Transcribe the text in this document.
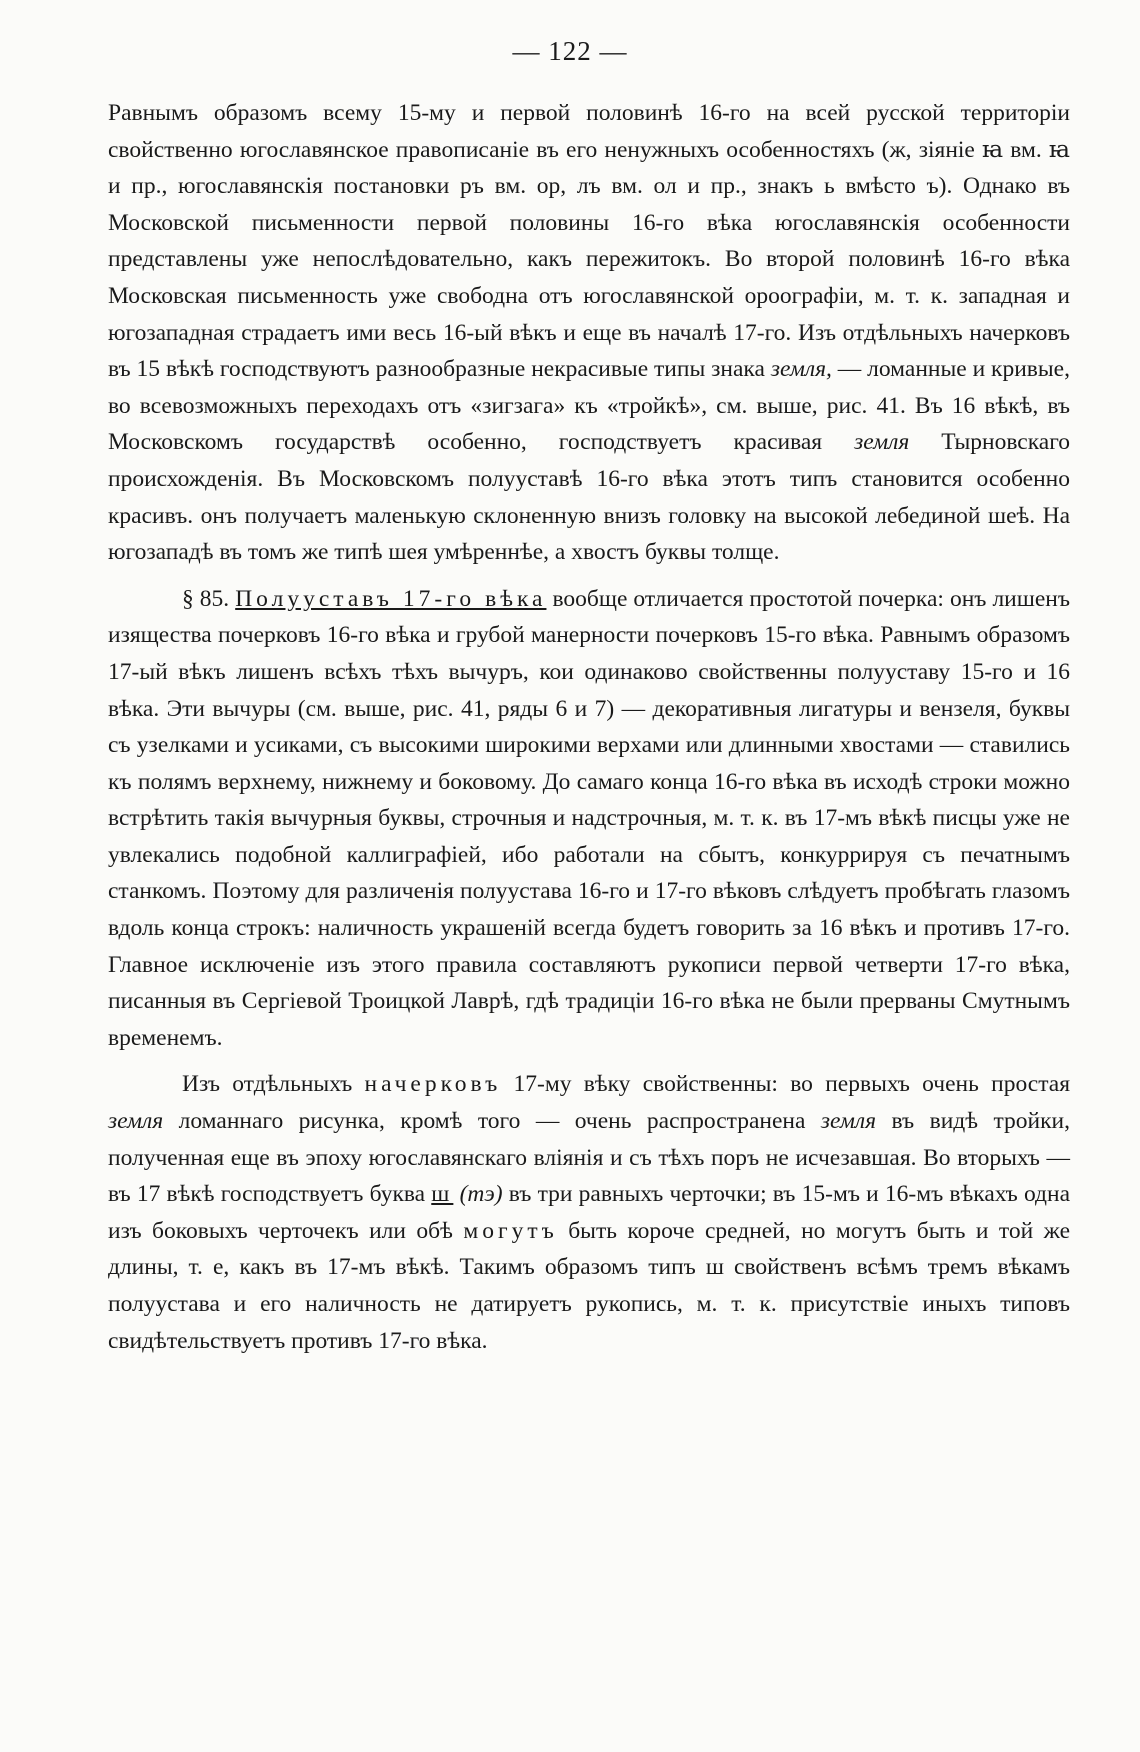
— 122 —

Равнымъ образомъ всему 15-му и первой половинѣ 16-го на всей русской территоріи свойственно югославянское правописаніе въ его ненужныхъ особенностяхъ (ж, зіяніе ꙗ вм. ꙗ и пр., югославянскія постановки ръ вм. ор, лъ вм. ол и пр., знакъ ь вмѣсто ъ). Однако въ Московской письменности первой половины 16-го вѣка югославянскія особенности представлены уже непослѣдовательно, какъ пережитокъ. Во второй половинѣ 16-го вѣка Московская письменность уже свободна отъ югославянской ороографіи, м. т. к. западная и югозападная страдаетъ ими весь 16-ый вѣкъ и еще въ началѣ 17-го. Изъ отдѣльныхъ начерковъ въ 15 вѣкѣ господствуютъ разнообразные некрасивые типы знака земля, — ломанные и кривые, во всевозможныхъ переходахъ отъ «зигзага» къ «тройкѣ», см. выше, рис. 41. Въ 16 вѣкѣ, въ Московскомъ государствѣ особенно, господствуетъ красивая земля Тырновскаго происхожденія. Въ Московскомъ полууставѣ 16-го вѣка этотъ типъ становится особенно красивъ. онъ получаетъ маленькую склоненную внизъ головку на высокой лебединой шеѣ. На югозападѣ въ томъ же типѣ шея умѣреннѣе, а хвостъ буквы толще.

§ 85. Полууставъ 17-го вѣка вообще отличается простотой почерка: онъ лишенъ изящества почерковъ 16-го вѣка и грубой манерности почерковъ 15-го вѣка. Равнымъ образомъ 17-ый вѣкъ лишенъ всѣхъ тѣхъ вычуръ, кои одинаково свойственны полууставу 15-го и 16 вѣка. Эти вычуры (см. выше, рис. 41, ряды 6 и 7) — декоративныя лигатуры и вензеля, буквы съ узелками и усиками, съ высокими широкими верхами или длинными хвостами — ставились къ полямъ верхнему, нижнему и боковому. До самаго конца 16-го вѣка въ исходѣ строки можно встрѣтить такія вычурныя буквы, строчныя и надстрочныя, м. т. к. въ 17-мъ вѣкѣ писцы уже не увлекались подобной каллиграфіей, ибо работали на сбытъ, конкуррируя съ печатнымъ станкомъ. Поэтому для различенія полуустава 16-го и 17-го вѣковъ слѣдуетъ пробѣгать глазомъ вдоль конца строкъ: наличность украшеній всегда будетъ говорить за 16 вѣкъ и противъ 17-го. Главное исключеніе изъ этого правила составляютъ рукописи первой четверти 17-го вѣка, писанныя въ Сергіевой Троицкой Лаврѣ, гдѣ традиціи 16-го вѣка не были прерваны Смутнымъ временемъ.

Изъ отдѣльныхъ начерковъ 17-му вѣку свойственны: во первыхъ очень простая земля ломаннаго рисунка, кромѣ того — очень распространена земля въ видѣ тройки, полученная еще въ эпоху югославянскаго вліянія и съ тѣхъ поръ не исчезавшая. Во вторыхъ — въ 17 вѣкѣ господствуетъ буква ш (тэ) въ три равныхъ черточки; въ 15-мъ и 16-мъ вѣкахъ одна изъ боковыхъ черточекъ или обѣ могутъ быть короче средней, но могутъ быть и той же длины, т. е, какъ въ 17-мъ вѣкѣ. Такимъ образомъ типъ ш свойственъ всѣмъ тремъ вѣкамъ полуустава и его наличность не датируетъ рукопись, м. т. к. присутствіе иныхъ типовъ свидѣтельствуетъ противъ 17-го вѣка.
